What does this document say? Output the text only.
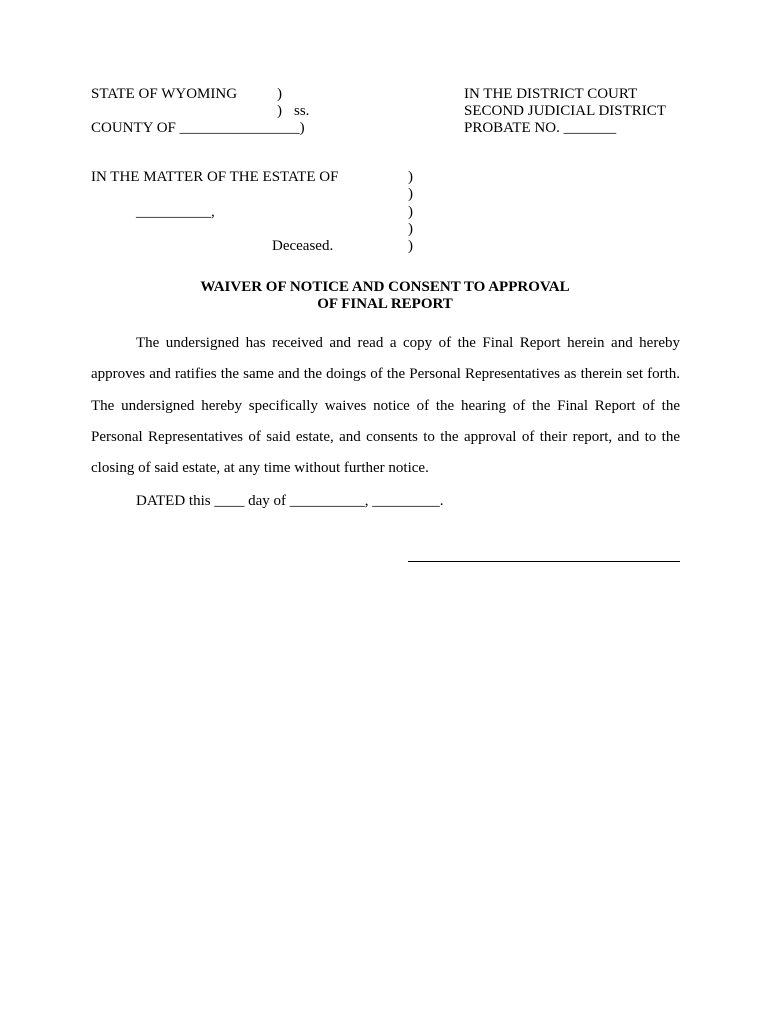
STATE OF WYOMING	)
) ss.
COUNTY OF ________________)
IN THE DISTRICT COURT
SECOND JUDICIAL DISTRICT
PROBATE NO. _______
IN THE MATTER OF THE ESTATE OF
__________,
Deceased.
)
)
)
)
)
WAIVER OF NOTICE AND CONSENT TO APPROVAL
OF FINAL REPORT

The undersigned has received and read a copy of the Final Report herein and hereby approves and ratifies the same and the doings of the Personal Representatives as therein set forth. The undersigned hereby specifically waives notice of the hearing of the Final Report of the Personal Representatives of said estate, and consents to the approval of their report, and to the closing of said estate, at any time without further notice.

DATED this ____ day of __________, _________.
